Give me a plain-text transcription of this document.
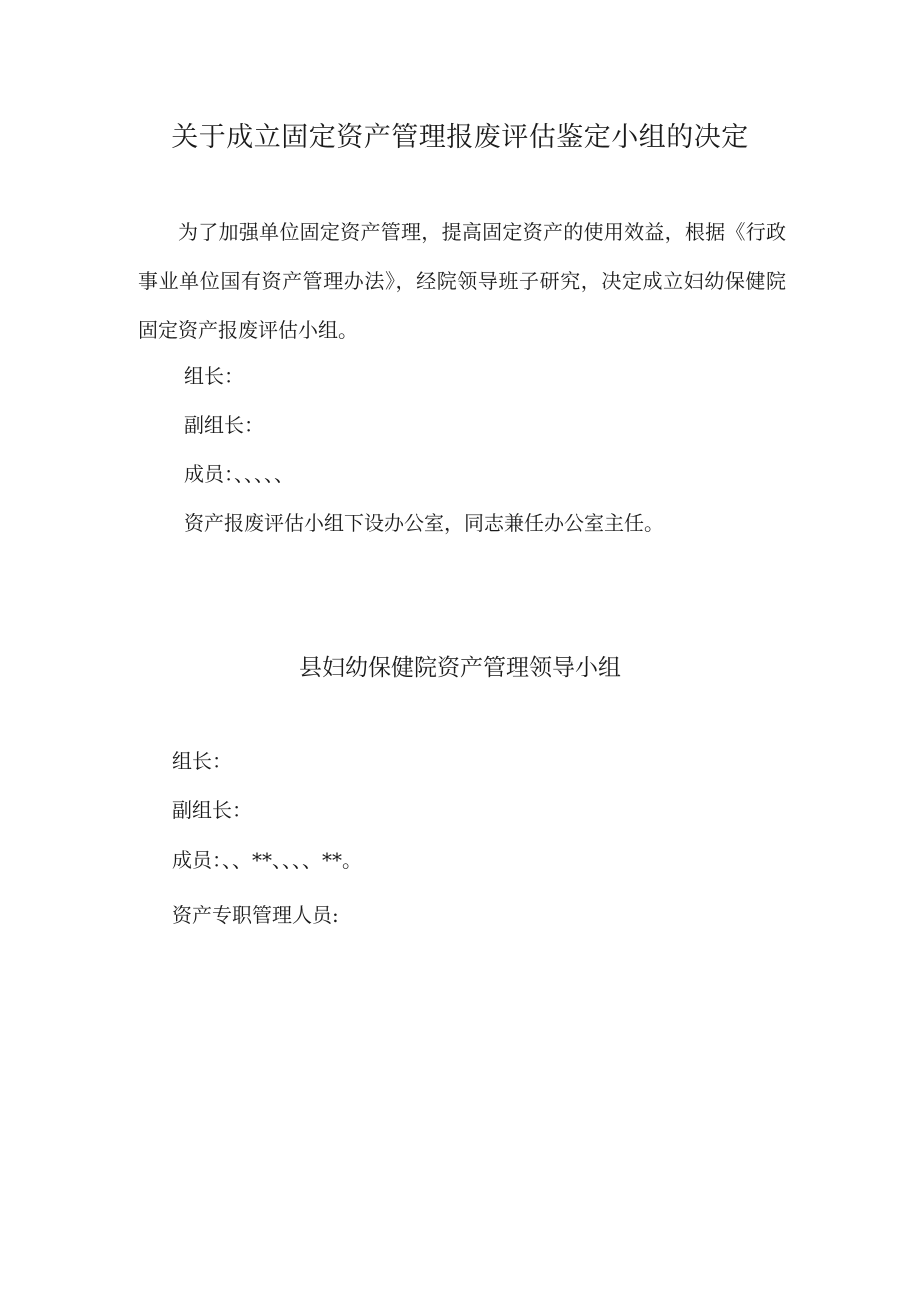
关于成立固定资产管理报废评估鉴定小组的决定
为了加强单位固定资产管理，提高固定资产的使用效益，根据《行政事业单位国有资产管理办法》，经院领导班子研究，决定成立妇幼保健院固定资产报废评估小组。
组长：
副组长：
成员：、、、、、
资产报废评估小组下设办公室，同志兼任办公室主任。
县妇幼保健院资产管理领导小组
组长：
副组长：
成员：、、**、、、、**。
资产专职管理人员:
